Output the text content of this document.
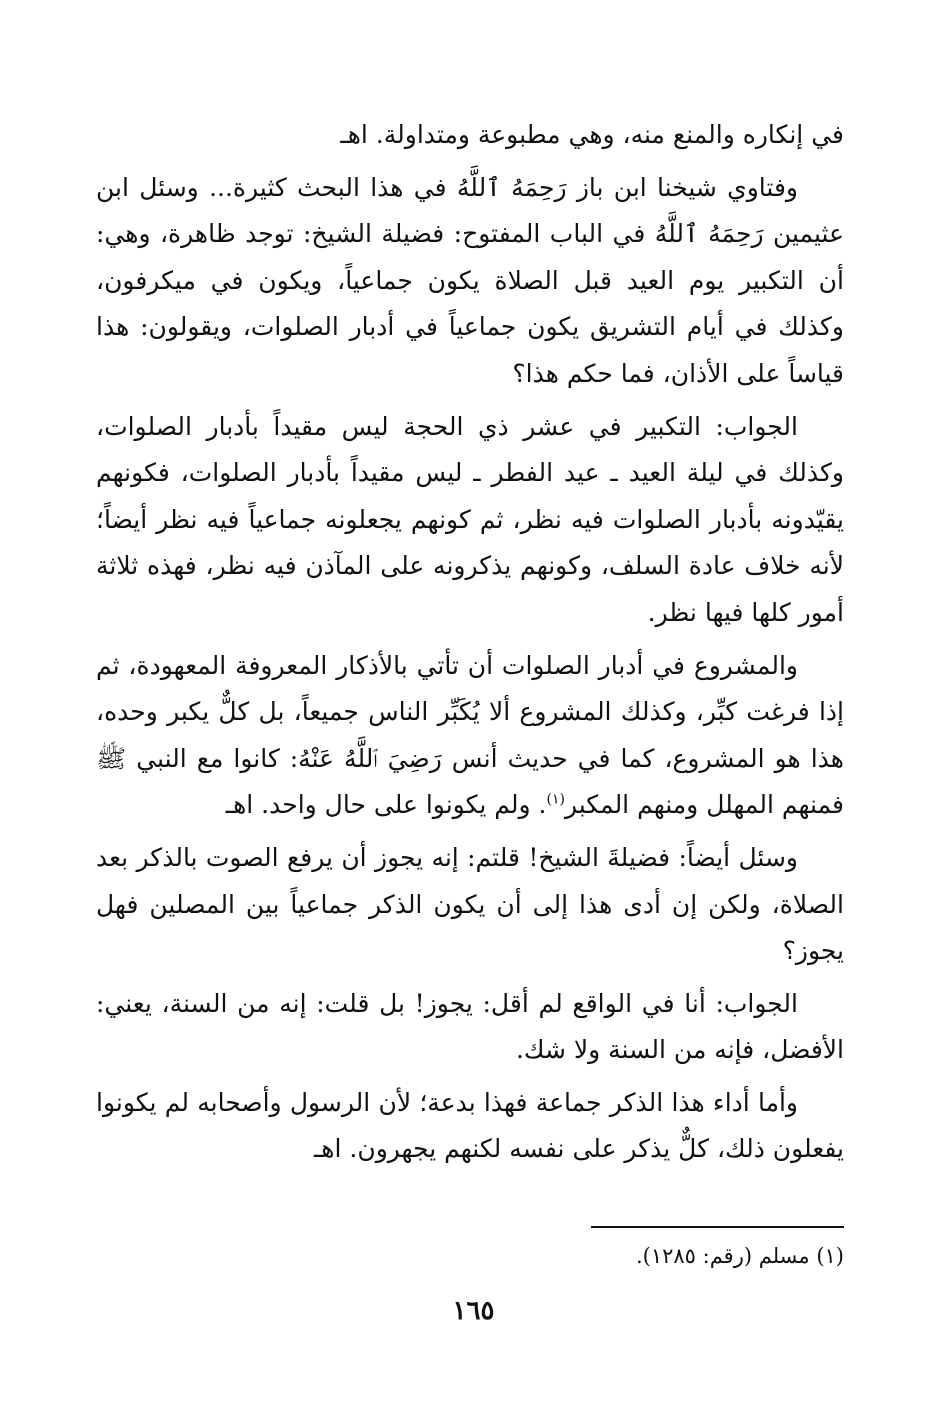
في إنكاره والمنع منه، وهي مطبوعة ومتداولة. اهـ

وفتاوي شيخنا ابن باز رَحِمَهُ ٱللَّهُ في هذا البحث كثيرة... وسئل ابن عثيمين رَحِمَهُ ٱللَّهُ في الباب المفتوح: فضيلة الشيخ: توجد ظاهرة، وهي: أن التكبير يوم العيد قبل الصلاة يكون جماعياً، ويكون في ميكرفون، وكذلك في أيام التشريق يكون جماعياً في أدبار الصلوات، ويقولون: هذا قياساً على الأذان، فما حكم هذا؟

الجواب: التكبير في عشر ذي الحجة ليس مقيداً بأدبار الصلوات، وكذلك في ليلة العيد ـ عيد الفطر ـ ليس مقيداً بأدبار الصلوات، فكونهم يقيّدونه بأدبار الصلوات فيه نظر، ثم كونهم يجعلونه جماعياً فيه نظر أيضاً؛ لأنه خلاف عادة السلف، وكونهم يذكرونه على المآذن فيه نظر، فهذه ثلاثة أمور كلها فيها نظر.

والمشروع في أدبار الصلوات أن تأتي بالأذكار المعروفة المعهودة، ثم إذا فرغت كبِّر، وكذلك المشروع ألا يُكَبِّر الناس جميعاً، بل كلٌّ يكبر وحده، هذا هو المشروع، كما في حديث أنس رَضِيَ ٱللَّهُ عَنْهُ: كانوا مع النبي ﷺ فمنهم المهلل ومنهم المكبر$^{(١)}$. ولم يكونوا على حال واحد. اهـ

وسئل أيضاً: فضيلةَ الشيخ! قلتم: إنه يجوز أن يرفع الصوت بالذكر بعد الصلاة، ولكن إن أدى هذا إلى أن يكون الذكر جماعياً بين المصلين فهل يجوز؟

الجواب: أنا في الواقع لم أقل: يجوز! بل قلت: إنه من السنة، يعني: الأفضل، فإنه من السنة ولا شك.

وأما أداء هذا الذكر جماعة فهذا بدعة؛ لأن الرسول وأصحابه لم يكونوا يفعلون ذلك، كلٌّ يذكر على نفسه لكنهم يجهرون. اهـ

(١) مسلم (رقم: ١٢٨٥).
١٦٥
